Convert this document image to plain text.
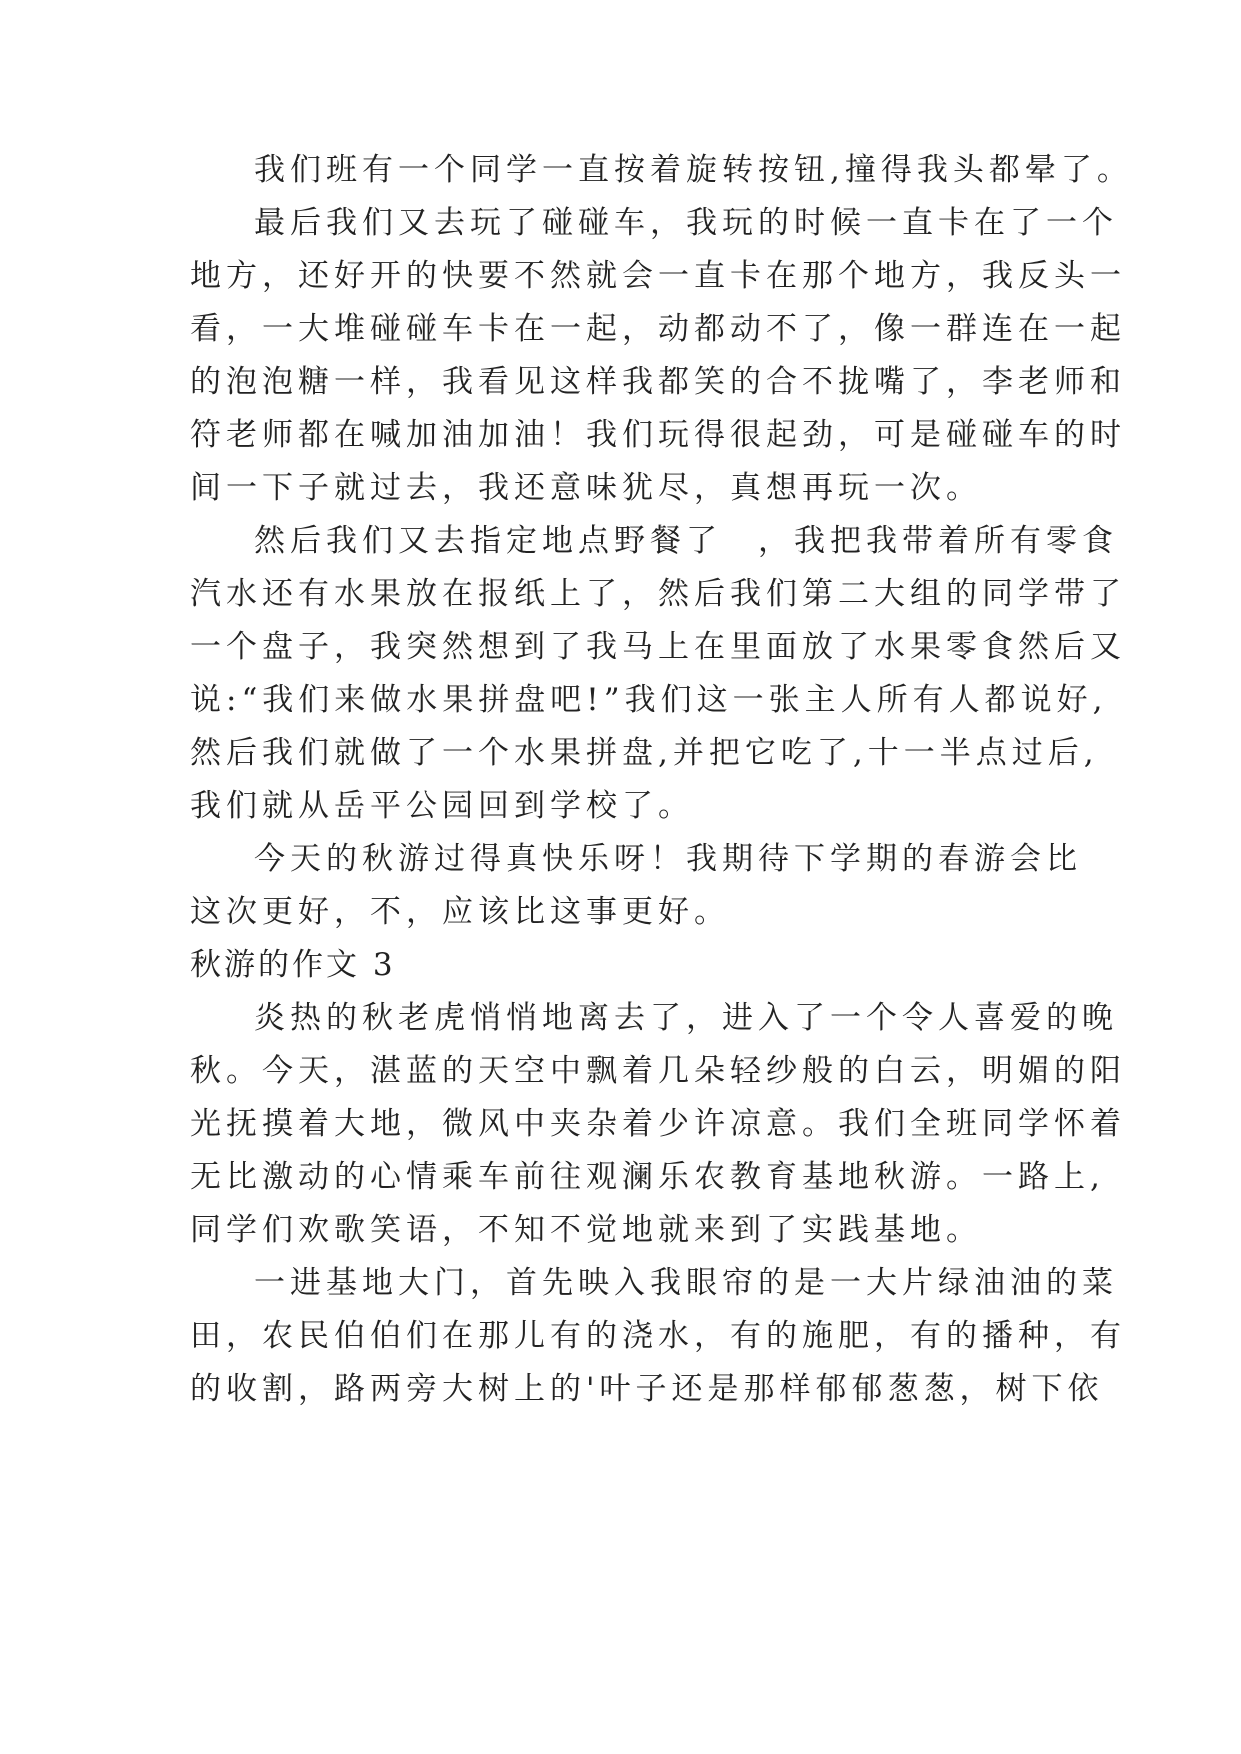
我们班有一个同学一直按着旋转按钮,撞得我头都晕了。
最后我们又去玩了碰碰车，我玩的时候一直卡在了一个
地方，还好开的快要不然就会一直卡在那个地方，我反头一
看，一大堆碰碰车卡在一起，动都动不了，像一群连在一起
的泡泡糖一样，我看见这样我都笑的合不拢嘴了，李老师和
符老师都在喊加油加油！我们玩得很起劲，可是碰碰车的时
间一下子就过去，我还意味犹尽，真想再玩一次。
然后我们又去指定地点野餐了　，我把我带着所有零食
汽水还有水果放在报纸上了，然后我们第二大组的同学带了
一个盘子，我突然想到了我马上在里面放了水果零食然后又
说:“我们来做水果拼盘吧!”我们这一张主人所有人都说好,
然后我们就做了一个水果拼盘,并把它吃了,十一半点过后,
我们就从岳平公园回到学校了。
今天的秋游过得真快乐呀！我期待下学期的春游会比
这次更好，不，应该比这事更好。
秋游的作文 3
炎热的秋老虎悄悄地离去了，进入了一个令人喜爱的晚
秋。今天，湛蓝的天空中飘着几朵轻纱般的白云，明媚的阳
光抚摸着大地，微风中夹杂着少许凉意。我们全班同学怀着
无比激动的心情乘车前往观澜乐农教育基地秋游。一路上,
同学们欢歌笑语，不知不觉地就来到了实践基地。
一进基地大门，首先映入我眼帘的是一大片绿油油的菜
田，农民伯伯们在那儿有的浇水，有的施肥，有的播种，有
的收割，路两旁大树上的'叶子还是那样郁郁葱葱，树下依
